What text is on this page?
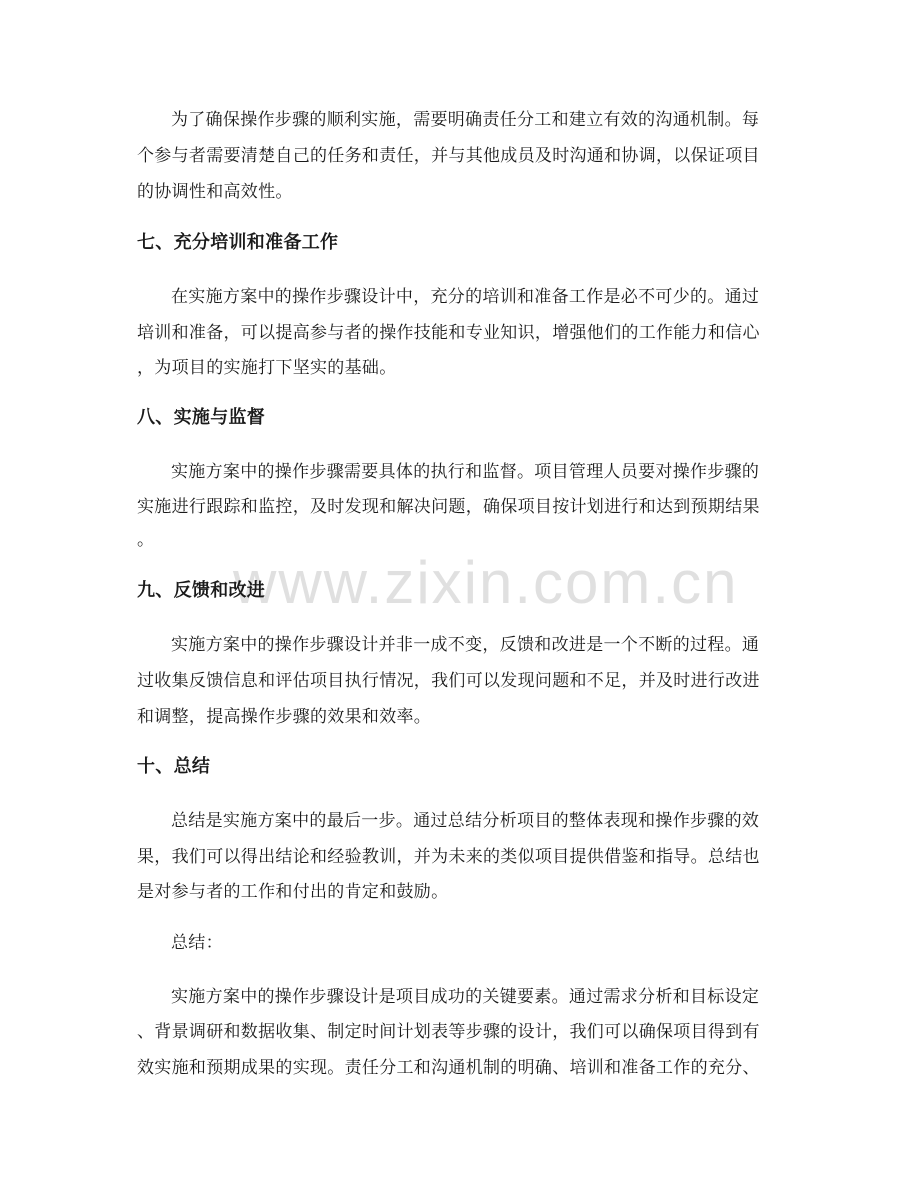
www.zixin.com.cn
为了确保操作步骤的顺利实施，需要明确责任分工和建立有效的沟通机制。每
个参与者需要清楚自己的任务和责任，并与其他成员及时沟通和协调，以保证项目
的协调性和高效性。
七、充分培训和准备工作
在实施方案中的操作步骤设计中，充分的培训和准备工作是必不可少的。通过
培训和准备，可以提高参与者的操作技能和专业知识，增强他们的工作能力和信心
，为项目的实施打下坚实的基础。
八、实施与监督
实施方案中的操作步骤需要具体的执行和监督。项目管理人员要对操作步骤的
实施进行跟踪和监控，及时发现和解决问题，确保项目按计划进行和达到预期结果
。
九、反馈和改进
实施方案中的操作步骤设计并非一成不变，反馈和改进是一个不断的过程。通
过收集反馈信息和评估项目执行情况，我们可以发现问题和不足，并及时进行改进
和调整，提高操作步骤的效果和效率。
十、总结
总结是实施方案中的最后一步。通过总结分析项目的整体表现和操作步骤的效
果，我们可以得出结论和经验教训，并为未来的类似项目提供借鉴和指导。总结也
是对参与者的工作和付出的肯定和鼓励。
总结：
实施方案中的操作步骤设计是项目成功的关键要素。通过需求分析和目标设定
、背景调研和数据收集、制定时间计划表等步骤的设计，我们可以确保项目得到有
效实施和预期成果的实现。责任分工和沟通机制的明确、培训和准备工作的充分、
